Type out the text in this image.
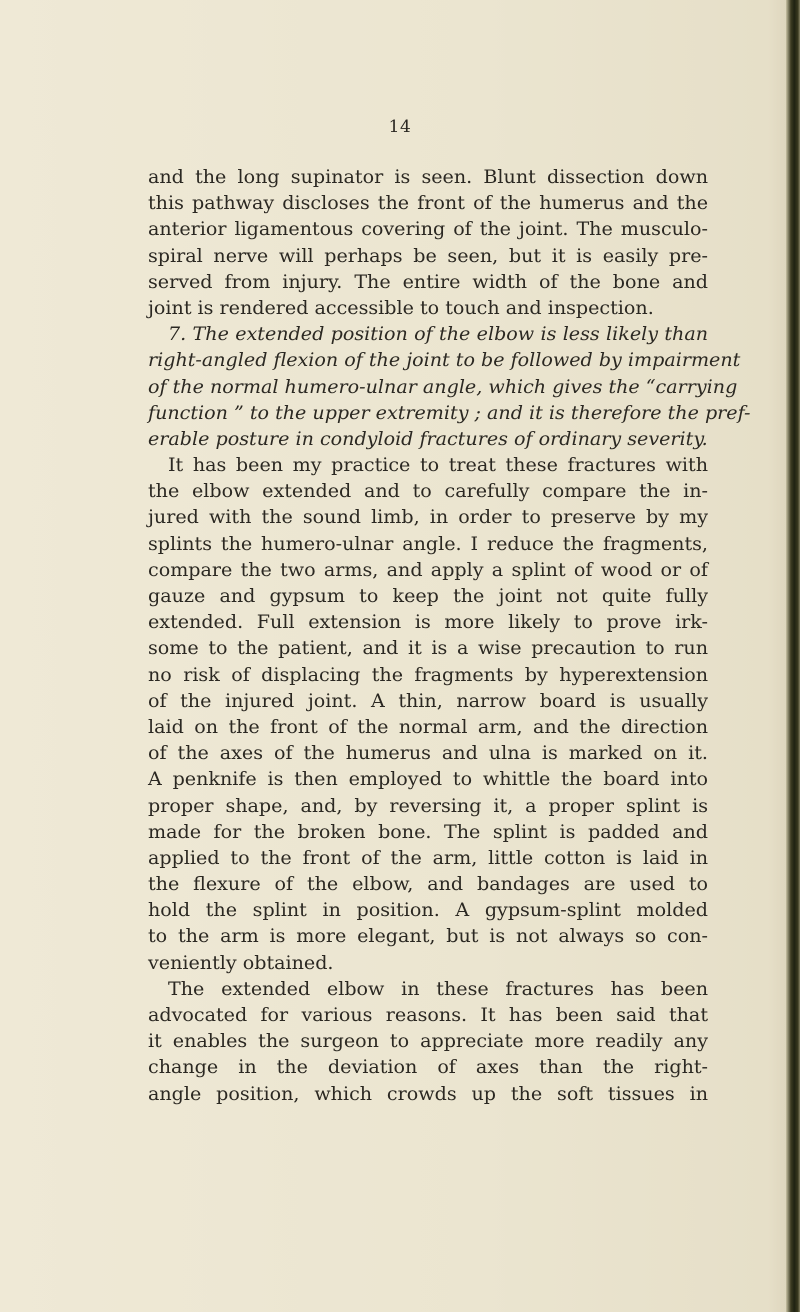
14
and the long supinator is seen. Blunt dissection down
this pathway discloses the front of the humerus and the
anterior ligamentous covering of the joint. The musculo-
spiral nerve will perhaps be seen, but it is easily pre-
served from injury. The entire width of the bone and
joint is rendered accessible to touch and inspection.
7. The extended position of the elbow is less likely than
right-angled flexion of the joint to be followed by impairment
of the normal humero-ulnar angle, which gives the “carrying
function ” to the upper extremity ; and it is therefore the pref-
erable posture in condyloid fractures of ordinary severity.
It has been my practice to treat these fractures with
the elbow extended and to carefully compare the in-
jured with the sound limb, in order to preserve by my
splints the humero-ulnar angle. I reduce the fragments,
compare the two arms, and apply a splint of wood or of
gauze and gypsum to keep the joint not quite fully
extended. Full extension is more likely to prove irk-
some to the patient, and it is a wise precaution to run
no risk of displacing the fragments by hyperextension
of the injured joint. A thin, narrow board is usually
laid on the front of the normal arm, and the direction
of the axes of the humerus and ulna is marked on it.
A penknife is then employed to whittle the board into
proper shape, and, by reversing it, a proper splint is
made for the broken bone. The splint is padded and
applied to the front of the arm, little cotton is laid in
the flexure of the elbow, and bandages are used to
hold the splint in position. A gypsum-splint molded
to the arm is more elegant, but is not always so con-
veniently obtained.
The extended elbow in these fractures has been
advocated for various reasons. It has been said that
it enables the surgeon to appreciate more readily any
change in the deviation of axes than the right-
angle position, which crowds up the soft tissues in
